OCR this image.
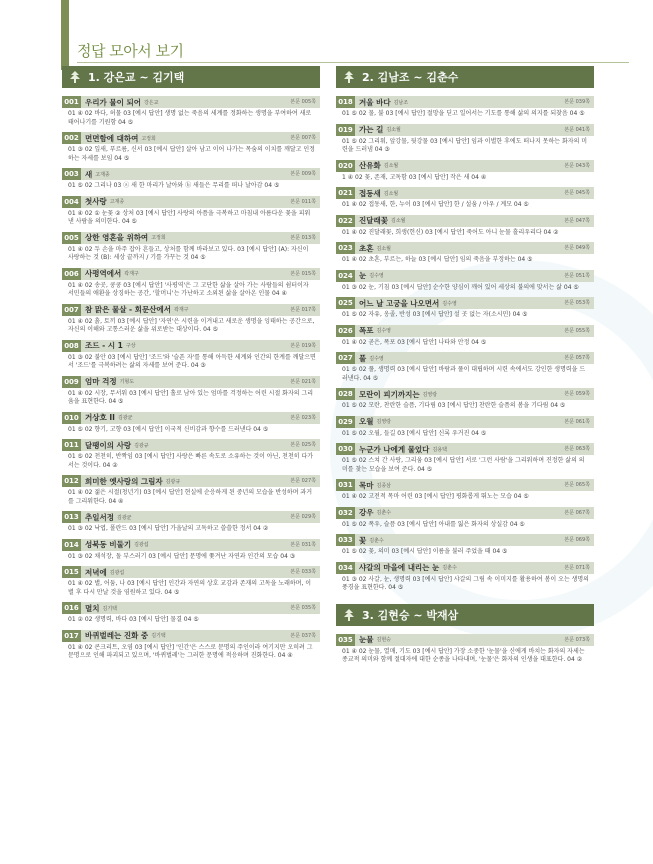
정답 모아서 보기
1. 강은교 ~ 김기택
001 우리가 물이 되어 강은교	본문 005쪽
01 ④ 02 바다, 허물 03 [예시 답안] 생명 없는 죽음의 세계를 정화하는 생명을 부여하여 새로 태어나기를 기원함 04 ⑤
002 면면함에 대하여 고정희	본문 007쪽
01 ③ 02 잎새, 푸르름, 신서 03 [예시 답안] 살아 남고 이어 나가는 목숨의 이치를 깨달고 인정하는 자세를 보임 04 ⑤
003 새 고재종	본문 009쪽
01 ⑤ 02 그리나 03 ⓐ 새 한 마리가 날아와 ⓑ 새들은 무리를 떠나 날아감 04 ⑤
004 첫사랑 고재종	본문 011쪽
01 ④ 02 ① 눈꽃 ② 상처 03 [예시 답안] 사랑의 아픔을 극복하고 마침내 아름다운 꽃을 피워낸 사람을 의미한다. 04 ⑤
005 상한 영혼을 위하여 고정희	본문 013쪽
01 ④ 02 두 손을 마주 잡아 흔들고, 상처를 함께 바라보고 있다. 03 [예시 답안] (A): 자신이 사랑하는 것 (B): 세상 끝까지 / 기를 가꾸는 것 04 ⑤
006 사평역에서 곽재구	본문 015쪽
01 ④ 02 송곳, 쿵쿵 03 [예시 답안] '사평역'은 그 고단한 삶을 살아 가는 사람들의 쉼터이자 서민들의 애환을 상징하는 공간, '할머니'는 가난하고 소외된 삶을 살아온 인물 04 ④
007 참 맑은 물살 - 회문산에서 곽재구	본문 017쪽
01 ④ 02 흙, 토끼 03 [예시 답안] '자연'은 시련을 이겨내고 새로운 생명을 잉태하는 공간으로, 자신의 이해와 고통스러운 삶을 위로받는 대상이다. 04 ⑤
008 조드 - 시 1 구상	본문 019쪽
01 ③ 02 불안 03 [예시 답안] '조드'와 '슬픈 자'를 통해 아득한 세계와 인간의 한계를 깨달으면서 '조드'를 극복하려는 삶의 자세를 보여 준다. 04 ③
009 엄마 걱정 기형도	본문 021쪽
01 ④ 02 시장, 무서워 03 [예시 답안] 홀로 남아 있는 엄마를 걱정하는 어린 시절 화자의 그리움을 표현한다. 04 ⑤
010 거상호 II 김광균	본문 023쪽
01 ⑤ 02 향기, 고향 03 [예시 답안] 이국적 신비감과 향수를 드러낸다 04 ⑤
011 달팽이의 사랑 김광규	본문 025쪽
01 ⑤ 02 천천히, 반짝임 03 [예시 답안] 사랑은 빠른 속도로 소유하는 것이 아닌, 천천히 다가서는 것이다. 04 ②
012 희미한 옛사랑의 그림자 김광규	본문 027쪽
01 ④ 02 젊은 시절(청년기) 03 [예시 답안] 현실에 순응하게 된 중년의 모습을 반성하며 과거를 그리워한다. 04 ④
013 추일서정 김광균	본문 029쪽
01 ③ 02 낙엽, 폴란드 03 [예시 답안] 가을날의 고독하고 쓸쓸한 정서 04 ②
014 성북동 비둘기 김광섭	본문 031쪽
01 ③ 02 채석장, 돌 부스러기 03 [예시 답안] 문명에 쫓겨난 자연과 인간의 모습 04 ③
015 저녁에 김광섭	본문 033쪽
01 ④ 02 별, 어둠, 나 03 [예시 답안] 인간과 자연의 상호 교감과 존재의 고독을 노래하며, 이별 후 다시 만날 것을 염원하고 있다. 04 ⑤
016 멸치 김기택	본문 035쪽
01 ② 02 생명력, 바다 03 [예시 답안] 물결 04 ⑤
017 바퀴벌레는 진화 중 김기택	본문 037쪽
01 ④ 02 콘크리트, 오염 03 [예시 답안] '인간'은 스스로 문명의 주인이라 여기지만 오히려 그 문명으로 인해 파괴되고 있으며, '바퀴벌레'는 그러한 문명에 적응하며 진화한다. 04 ④
2. 김남조 ~ 김춘수
018 겨울 바다 김남조	본문 039쪽
01 ⑤ 02 물, 불 03 [예시 답안] 절망을 딛고 일어서는 기도를 통해 삶의 의지를 되찾음 04 ⑤
019 가는 길 김소월	본문 041쪽
01 ⑤ 02 그리워, 앞강물, 뒷강물 03 [예시 답안] 임과 이별한 후에도 떠나지 못하는 화자의 미련을 드러냄 04 ③
020 산유화 김소월	본문 043쪽
1 ④ 02 꽃, 존재, 고독함 03 [예시 답안] 작은 새 04 ④
021 접동새 김소월	본문 045쪽
01 ④ 02 접동새, 한, 누이 03 [예시 답안] 한 / 설움 / 아우 / 계모 04 ⑤
022 진달래꽃 김소월	본문 047쪽
01 ④ 02 진달래꽃, 희생(헌신) 03 [예시 답안] 죽어도 아니 눈물 흘리우리다 04 ②
023 초혼 김소월	본문 049쪽
01 ④ 02 초혼, 부르는, 하늘 03 [예시 답안] 임의 죽음을 부정하는 04 ⑤
024 눈 김수영	본문 051쪽
01 ③ 02 눈, 기침 03 [예시 답안] 순수한 양심이 깨어 있어 세상의 불의에 맞서는 삶 04 ⑤
025 어느 날 고궁을 나오면서 김수영	본문 053쪽
01 ⑤ 02 자유, 옹졸, 반성 03 [예시 답안] 설 곳 없는 자(소시민) 04 ⑤
026 폭포 김수영	본문 055쪽
01 ④ 02 곧은, 폭포 03 [예시 답안] 나타와 안정 04 ⑤
027 풀 김수영	본문 057쪽
01 ⑤ 02 풀, 생명력 03 [예시 답안] 바람과 풀이 대립하며 시련 속에서도 강인한 생명력을 드러낸다. 04 ⑤
028 모란이 피기까지는 김영랑	본문 059쪽
01 ⑤ 02 모란, 찬란한 슬픔, 기다림 03 [예시 답안] 찬란한 슬픔의 봄을 기다림 04 ⑤
029 오월 김영랑	본문 061쪽
01 ⑤ 02 오월, 들길 03 [예시 답안] 신록 우거진 04 ⑤
030 누군가 나에게 물었다 김용택	본문 063쪽
01 ⑤ 02 스쳐 간 사랑, 그리움 03 [예시 답안] 서로 '그런 사람'을 그리워하며 진정한 삶의 의미를 찾는 모습을 보여 준다. 04 ⑤
031 목마 김종삼	본문 065쪽
01 ④ 02 고전적 목마 어린 03 [예시 답안] 평화롭게 뛰노는 모습 04 ⑤
032 강우 김춘수	본문 067쪽
01 ⑤ 02 폭우, 슬픔 03 [예시 답안] 아내를 잃은 화자의 상실감 04 ⑤
033 꽃 김춘수	본문 069쪽
01 ⑤ 02 꽃, 의미 03 [예시 답안] 이름을 불러 주었을 때 04 ⑤
034 샤갈의 마을에 내리는 눈 김춘수	본문 071쪽
01 ③ 02 사갈, 눈, 생명력 03 [예시 답안] 샤갈의 그림 속 이미지를 활용하여 봄이 오는 생명의 풍경을 표현한다. 04 ⑤
3. 김현승 ~ 박재삼
035 눈물 김현승	본문 073쪽
01 ④ 02 눈물, 열매, 기도 03 [예시 답안] 가장 소중한 '눈물'을 신에게 바치는 화자의 자세는 종교적 의미와 함께 절대자에 대한 순종을 나타내며, '눈물'은 화자의 인생을 대표한다. 04 ②
